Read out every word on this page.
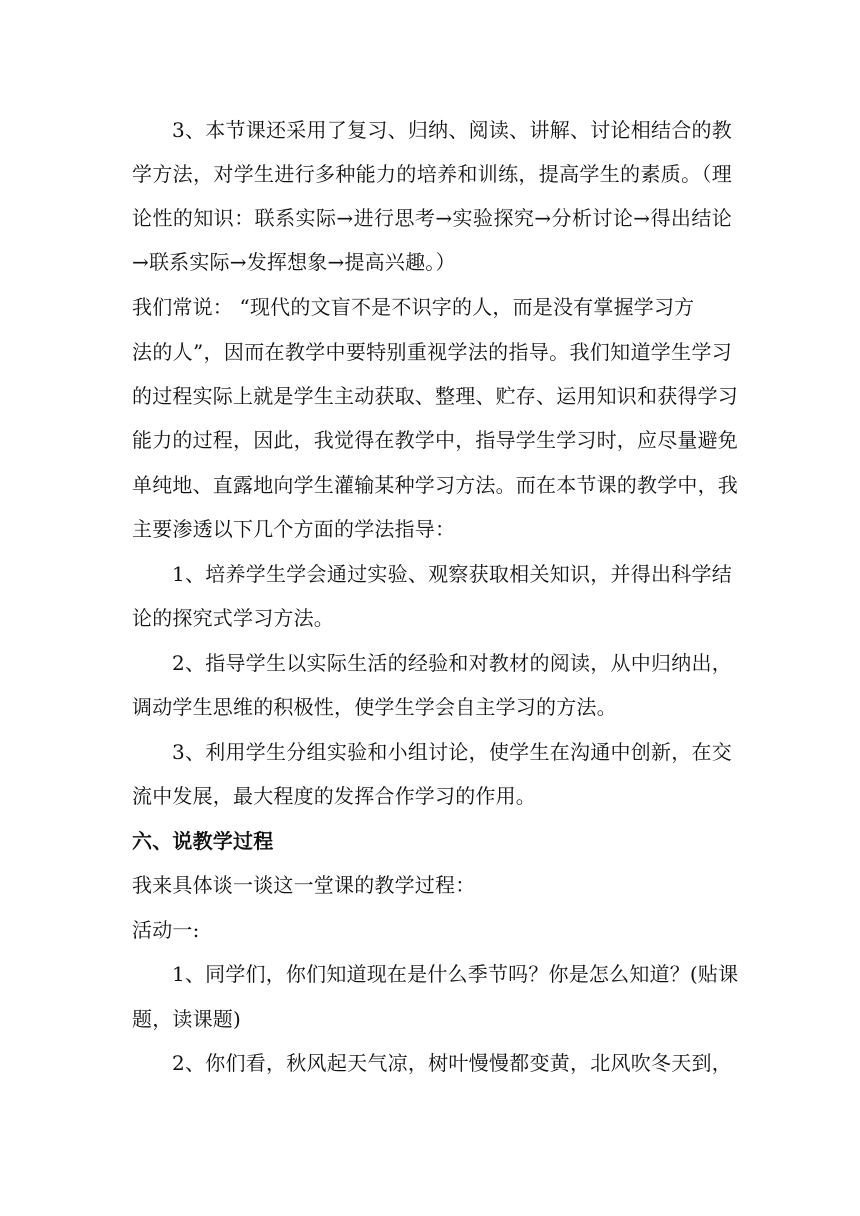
3、本节课还采用了复习、归纳、阅读、讲解、讨论相结合的教
学方法，对学生进行多种能力的培养和训练，提高学生的素质。（理
论性的知识：联系实际→进行思考→实验探究→分析讨论→得出结论
→联系实际→发挥想象→提高兴趣。）
我们常说： “现代的文盲不是不识字的人，而是没有掌握学习方
法的人”，因而在教学中要特别重视学法的指导。我们知道学生学习
的过程实际上就是学生主动获取、整理、贮存、运用知识和获得学习
能力的过程，因此，我觉得在教学中，指导学生学习时，应尽量避免
单纯地、直露地向学生灌输某种学习方法。而在本节课的教学中，我
主要渗透以下几个方面的学法指导：
1、培养学生学会通过实验、观察获取相关知识，并得出科学结
论的探究式学习方法。
2、指导学生以实际生活的经验和对教材的阅读，从中归纳出，
调动学生思维的积极性，使学生学会自主学习的方法。
3、利用学生分组实验和小组讨论，使学生在沟通中创新，在交
流中发展，最大程度的发挥合作学习的作用。
六、说教学过程
我来具体谈一谈这一堂课的教学过程：
活动一:
1、同学们，你们知道现在是什么季节吗？你是怎么知道？(贴课
题，读课题)
2、你们看，秋风起天气凉，树叶慢慢都变黄，北风吹冬天到，
